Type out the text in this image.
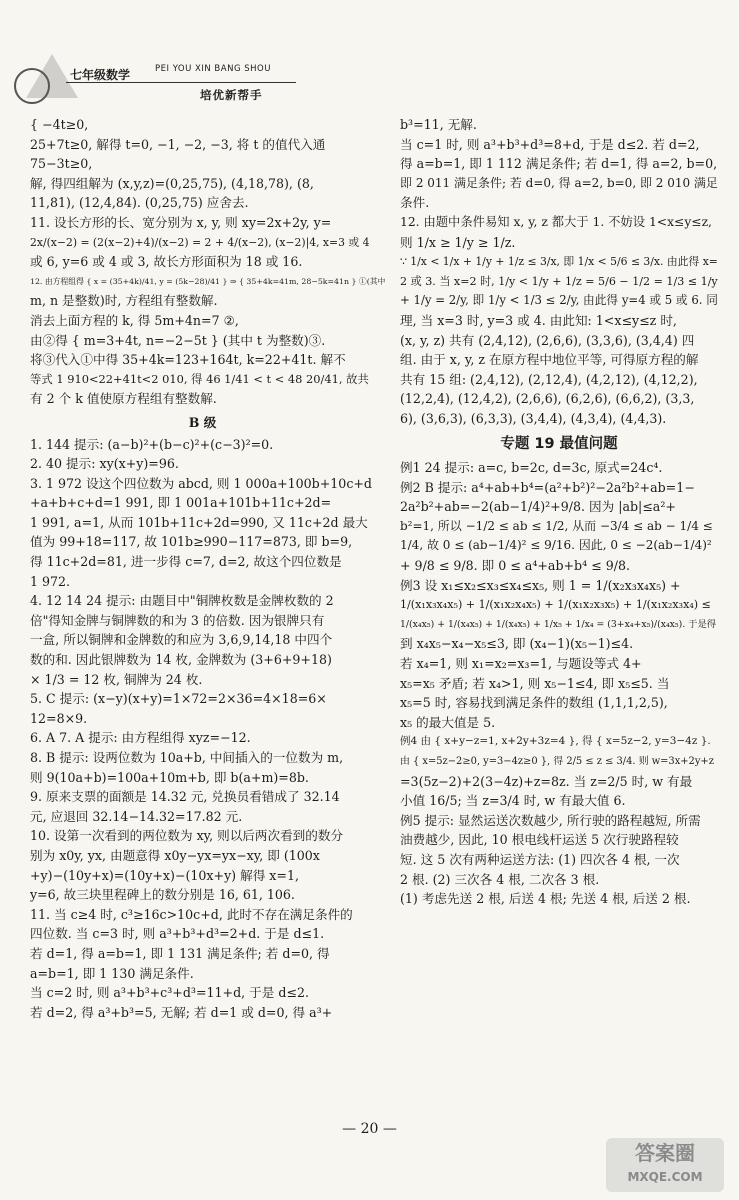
七年级数学	PEI YOU XIN BANG SHOU
培优新帮手

{ −4t≥0,

25+7t≥0, 解得 t=0, −1, −2, −3, 将 t 的值代入通

75−3t≥0,

解, 得四组解为 (x,y,z)=(0,25,75), (4,18,78), (8,

11,81), (12,4,84). (0,25,75) 应舍去.

11. 设长方形的长、宽分别为 x, y, 则 xy=2x+2y, y=

2x/(x−2) = (2(x−2)+4)/(x−2) = 2 + 4/(x−2), (x−2)|4, x=3 或 4

或 6, y=6 或 4 或 3, 故长方形面积为 18 或 16.

12. 由方程组得 { x = (35+4k)/41, y = (5k−28)/41 } ⇒ { 35+4k=41m, 28−5k=41n } ①(其中

m, n 是整数)时, 方程组有整数解.

消去上面方程的 k, 得 5m+4n=7 ②,

由②得 { m=3+4t, n=−2−5t } (其中 t 为整数)③.

将③代入①中得 35+4k=123+164t, k=22+41t. 解不

等式 1 910<22+41t<2 010, 得 46 1/41 < t < 48 20/41, 故共

有 2 个 k 值使原方程组有整数解.

B 级

1. 144 提示: (a−b)²+(b−c)²+(c−3)²=0.

2. 40 提示: xy(x+y)=96.

3. 1 972 设这个四位数为 abcd, 则 1 000a+100b+10c+d

+a+b+c+d=1 991, 即 1 001a+101b+11c+2d=

1 991, a=1, 从而 101b+11c+2d=990, 又 11c+2d 最大

值为 99+18=117, 故 101b≥990−117=873, 即 b=9,

得 11c+2d=81, 进一步得 c=7, d=2, 故这个四位数是

1 972.

4. 12 14 24 提示: 由题目中"铜牌枚数是金牌枚数的 2

倍"得知金牌与铜牌数的和为 3 的倍数. 因为银牌只有

一盒, 所以铜牌和金牌数的和应为 3,6,9,14,18 中四个

数的和. 因此银牌数为 14 枚, 金牌数为 (3+6+9+18)

× 1/3 = 12 枚, 铜牌为 24 枚.

5. C 提示: (x−y)(x+y)=1×72=2×36=4×18=6×

12=8×9.

6. A 7. A 提示: 由方程组得 xyz=−12.

8. B 提示: 设两位数为 10a+b, 中间插入的一位数为 m,

则 9(10a+b)=100a+10m+b, 即 b(a+m)=8b.

9. 原来支票的面额是 14.32 元, 兑换员看错成了 32.14

元, 应退回 32.14−14.32=17.82 元.

10. 设第一次看到的两位数为 xy, 则以后两次看到的数分

别为 x0y, yx, 由题意得 x0y−yx=yx−xy, 即 (100x

+y)−(10y+x)=(10y+x)−(10x+y) 解得 x=1,

y=6, 故三块里程碑上的数分别是 16, 61, 106.

11. 当 c≥4 时, c³≥16c>10c+d, 此时不存在满足条件的

四位数. 当 c=3 时, 则 a³+b³+d³=2+d. 于是 d≤1.

若 d=1, 得 a=b=1, 即 1 131 满足条件; 若 d=0, 得

a=b=1, 即 1 130 满足条件.

当 c=2 时, 则 a³+b³+c³+d³=11+d, 于是 d≤2.

若 d=2, 得 a³+b³=5, 无解; 若 d=1 或 d=0, 得 a³+

b³=11, 无解.

当 c=1 时, 则 a³+b³+d³=8+d, 于是 d≤2. 若 d=2,

得 a=b=1, 即 1 112 满足条件; 若 d=1, 得 a=2, b=0,

即 2 011 满足条件; 若 d=0, 得 a=2, b=0, 即 2 010 满足

条件.

12. 由题中条件易知 x, y, z 都大于 1. 不妨设 1<x≤y≤z,

则 1/x ≥ 1/y ≥ 1/z.

∵ 1/x < 1/x + 1/y + 1/z ≤ 3/x, 即 1/x < 5/6 ≤ 3/x. 由此得 x=

2 或 3. 当 x=2 时, 1/y < 1/y + 1/z = 5/6 − 1/2 = 1/3 ≤ 1/y

+ 1/y = 2/y, 即 1/y < 1/3 ≤ 2/y, 由此得 y=4 或 5 或 6. 同

理, 当 x=3 时, y=3 或 4. 由此知: 1<x≤y≤z 时,

(x, y, z) 共有 (2,4,12), (2,6,6), (3,3,6), (3,4,4) 四

组. 由于 x, y, z 在原方程中地位平等, 可得原方程的解

共有 15 组: (2,4,12), (2,12,4), (4,2,12), (4,12,2),

(12,2,4), (12,4,2), (2,6,6), (6,2,6), (6,6,2), (3,3,

6), (3,6,3), (6,3,3), (3,4,4), (4,3,4), (4,4,3).

专题 19 最值问题

例1 24 提示: a=c, b=2c, d=3c, 原式=24c⁴.

例2 B 提示: a⁴+ab+b⁴=(a²+b²)²−2a²b²+ab=1−

2a²b²+ab=−2(ab−1/4)²+9/8. 因为 |ab|≤a²+

b²=1, 所以 −1/2 ≤ ab ≤ 1/2, 从而 −3/4 ≤ ab − 1/4 ≤

1/4, 故 0 ≤ (ab−1/4)² ≤ 9/16. 因此, 0 ≤ −2(ab−1/4)²

+ 9/8 ≤ 9/8. 即 0 ≤ a⁴+ab+b⁴ ≤ 9/8.

例3 设 x₁≤x₂≤x₃≤x₄≤x₅, 则 1 = 1/(x₂x₃x₄x₅) +

1/(x₁x₃x₄x₅) + 1/(x₁x₂x₄x₅) + 1/(x₁x₂x₃x₅) + 1/(x₁x₂x₃x₄) ≤

1/(x₄x₅) + 1/(x₄x₅) + 1/(x₄x₅) + 1/x₅ + 1/x₄ = (3+x₄+x₅)/(x₄x₅). 于是得

到 x₄x₅−x₄−x₅≤3, 即 (x₄−1)(x₅−1)≤4.

若 x₄=1, 则 x₁=x₂=x₃=1, 与题设等式 4+

x₅=x₅ 矛盾; 若 x₄>1, 则 x₅−1≤4, 即 x₅≤5. 当

x₅=5 时, 容易找到满足条件的数组 (1,1,1,2,5),

x₅ 的最大值是 5.

例4 由 { x+y−z=1, x+2y+3z=4 }, 得 { x=5z−2, y=3−4z }.

由 { x=5z−2≥0, y=3−4z≥0 }, 得 2/5 ≤ z ≤ 3/4. 则 w=3x+2y+z

=3(5z−2)+2(3−4z)+z=8z. 当 z=2/5 时, w 有最

小值 16/5; 当 z=3/4 时, w 有最大值 6.

例5 提示: 显然运送次数越少, 所行驶的路程越短, 所需

油费越少, 因此, 10 根电线杆运送 5 次行驶路程较

短. 这 5 次有两种运送方法: (1) 四次各 4 根, 一次

2 根. (2) 三次各 4 根, 二次各 3 根.

(1) 考虑先送 2 根, 后送 4 根; 先送 4 根, 后送 2 根.

— 20 —
答案圈
MXQE.COM
